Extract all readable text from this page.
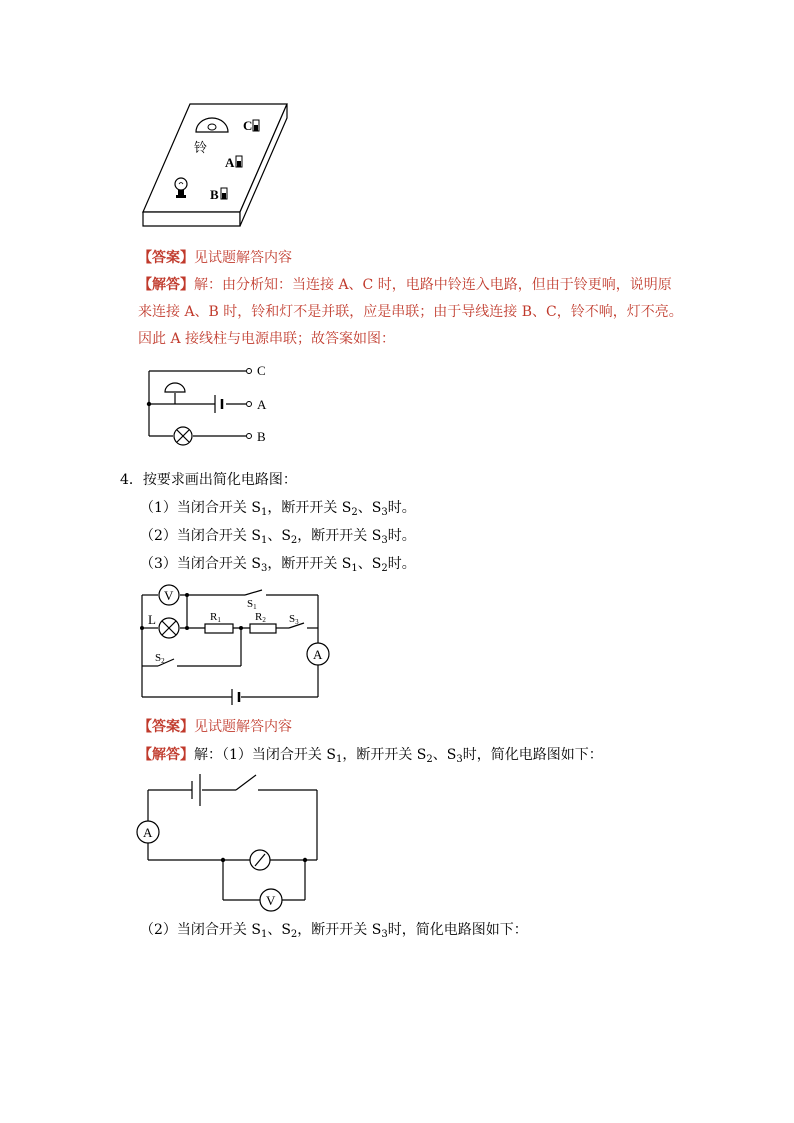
铃
C
A
B
【答案】见试题解答内容
【解答】解：由分析知：当连接 A、C 时，电路中铃连入电路，但由于铃更响，说明原
来连接 A、B 时，铃和灯不是并联，应是串联；由于导线连接 B、C，铃不响，灯不亮。
因此 A 接线柱与电源串联；故答案如图：
C
A
B
4．按要求画出简化电路图：
（1）当闭合开关 $S_1$，断开开关 $S_2$、$S_3$时。
（2）当闭合开关 $S_1$、$S_2$，断开开关 $S_3$时。
（3）当闭合开关 $S_3$，断开开关 $S_1$、$S_2$时。
V
L	R1	R2
S1
S3
S2	A
【答案】见试题解答内容
【解答】解：（1）当闭合开关 $S_1$，断开开关 $S_2$、$S_3$时，简化电路图如下：
A
V
（2）当闭合开关 $S_1$、$S_2$，断开开关 $S_3$时，简化电路图如下：
